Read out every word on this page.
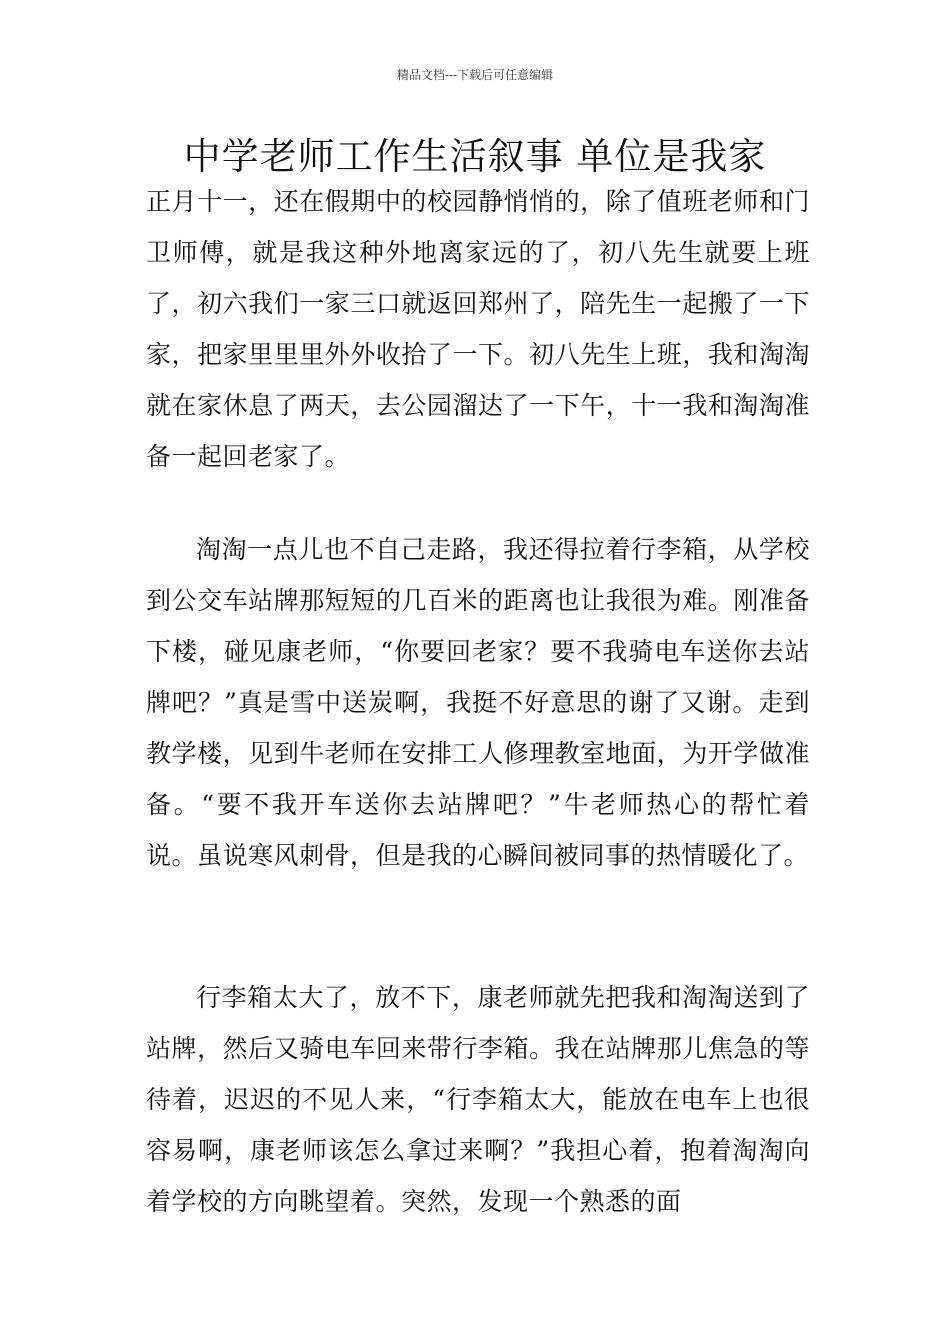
精品文档---下载后可任意编辑
中学老师工作生活叙事 单位是我家

正月十一，还在假期中的校园静悄悄的，除了值班老师和门卫师傅，就是我这种外地离家远的了，初八先生就要上班了，初六我们一家三口就返回郑州了，陪先生一起搬了一下家，把家里里里外外收拾了一下。初八先生上班，我和淘淘就在家休息了两天，去公园溜达了一下午，十一我和淘淘准备一起回老家了。

淘淘一点儿也不自己走路，我还得拉着行李箱，从学校到公交车站牌那短短的几百米的距离也让我很为难。刚准备下楼，碰见康老师，“你要回老家？要不我骑电车送你去站牌吧？”真是雪中送炭啊，我挺不好意思的谢了又谢。走到教学楼，见到牛老师在安排工人修理教室地面，为开学做准备。“要不我开车送你去站牌吧？”牛老师热心的帮忙着说。虽说寒风刺骨，但是我的心瞬间被同事的热情暖化了。

行李箱太大了，放不下，康老师就先把我和淘淘送到了站牌，然后又骑电车回来带行李箱。我在站牌那儿焦急的等待着，迟迟的不见人来，“行李箱太大，能放在电车上也很容易啊，康老师该怎么拿过来啊？”我担心着，抱着淘淘向着学校的方向眺望着。突然，发现一个熟悉的面
